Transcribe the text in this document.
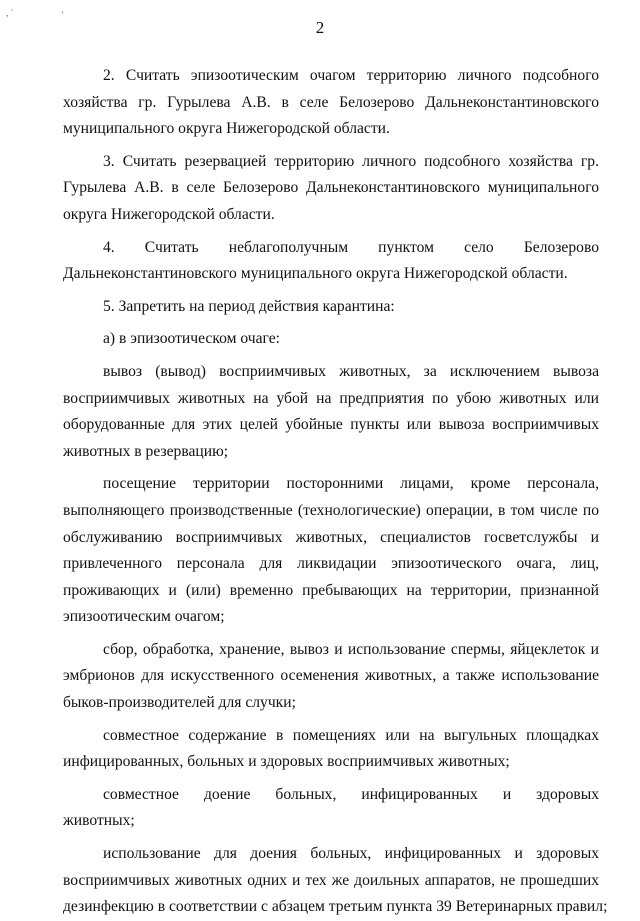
, `	'
2
2. Считать эпизоотическим очагом территорию личного подсобного
хозяйства гр. Гурылева А.В. в селе Белозерово Дальнеконстантиновского
муниципального округа Нижегородской области.
3. Считать резервацией территорию личного подсобного хозяйства гр.
Гурылева А.В. в селе Белозерово Дальнеконстантиновского муниципального
округа Нижегородской области.
4. Считать неблагополучным пунктом село Белозерово
Дальнеконстантиновского муниципального округа Нижегородской области.
5. Запретить на период действия карантина:
а) в эпизоотическом очаге:
вывоз (вывод) восприимчивых животных, за исключением вывоза
восприимчивых животных на убой на предприятия по убою животных или
оборудованные для этих целей убойные пункты или вывоза восприимчивых
животных в резервацию;
посещение территории посторонними лицами, кроме персонала,
выполняющего производственные (технологические) операции, в том числе по
обслуживанию восприимчивых животных, специалистов госветслужбы и
привлеченного персонала для ликвидации эпизоотического очага, лиц,
проживающих и (или) временно пребывающих на территории, признанной
эпизоотическим очагом;
сбор, обработка, хранение, вывоз и использование спермы, яйцеклеток и
эмбрионов для искусственного осеменения животных, а также использование
быков-производителей для случки;
совместное содержание в помещениях или на выгульных площадках
инфицированных, больных и здоровых восприимчивых животных;
совместное доение больных, инфицированных и здоровых
животных;
использование для доения больных, инфицированных и здоровых
восприимчивых животных одних и тех же доильных аппаратов, не прошедших
дезинфекцию в соответствии с абзацем третьим пункта 39 Ветеринарных правил;
